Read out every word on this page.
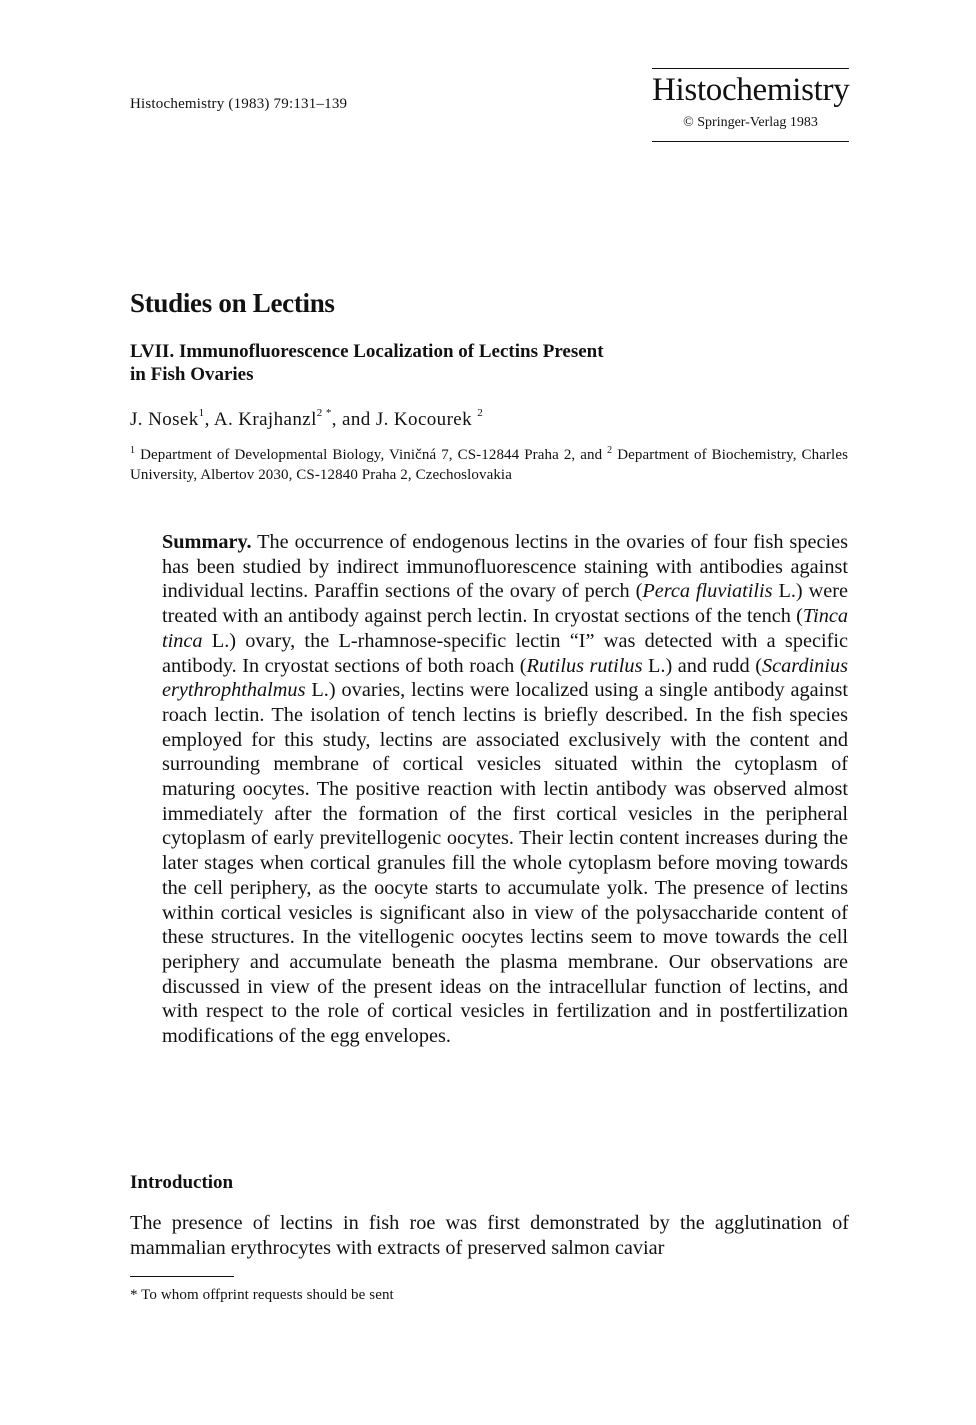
Histochemistry (1983) 79:131–139	Histochemistry
© Springer-Verlag 1983
Studies on Lectins
LVII. Immunofluorescence Localization of Lectins Present
in Fish Ovaries
J. Nosek$^1$, A. Krajhanzl$^{2 *}$, and J. Kocourek $^2$
$^1$ Department of Developmental Biology, Viničná 7, CS-12844 Praha 2, and $^2$ Department of Biochemistry, Charles University, Albertov 2030, CS-12840 Praha 2, Czechoslovakia
Summary. The occurrence of endogenous lectins in the ovaries of four fish species has been studied by indirect immunofluorescence staining with antibodies against individual lectins. Paraffin sections of the ovary of perch (Perca fluviatilis L.) were treated with an antibody against perch lectin. In cryostat sections of the tench (Tinca tinca L.) ovary, the L-rhamnose-specific lectin “I” was detected with a specific antibody. In cryostat sections of both roach (Rutilus rutilus L.) and rudd (Scardinius erythrophthalmus L.) ovaries, lectins were localized using a single antibody against roach lectin. The isolation of tench lectins is briefly described. In the fish species employed for this study, lectins are associated exclusively with the content and surrounding membrane of cortical vesicles situated within the cytoplasm of maturing oocytes. The positive reaction with lectin antibody was observed almost immediately after the formation of the first cortical vesicles in the peripheral cytoplasm of early previtellogenic oocytes. Their lectin content increases during the later stages when cortical granules fill the whole cytoplasm before moving towards the cell periphery, as the oocyte starts to accumulate yolk. The presence of lectins within cortical vesicles is significant also in view of the polysaccharide content of these structures. In the vitellogenic oocytes lectins seem to move towards the cell periphery and accumulate beneath the plasma membrane. Our observations are discussed in view of the present ideas on the intracellular function of lectins, and with respect to the role of cortical vesicles in fertilization and in postfertilization modifications of the egg envelopes.
Introduction
The presence of lectins in fish roe was first demonstrated by the agglutination of mammalian erythrocytes with extracts of preserved salmon caviar
* To whom offprint requests should be sent
